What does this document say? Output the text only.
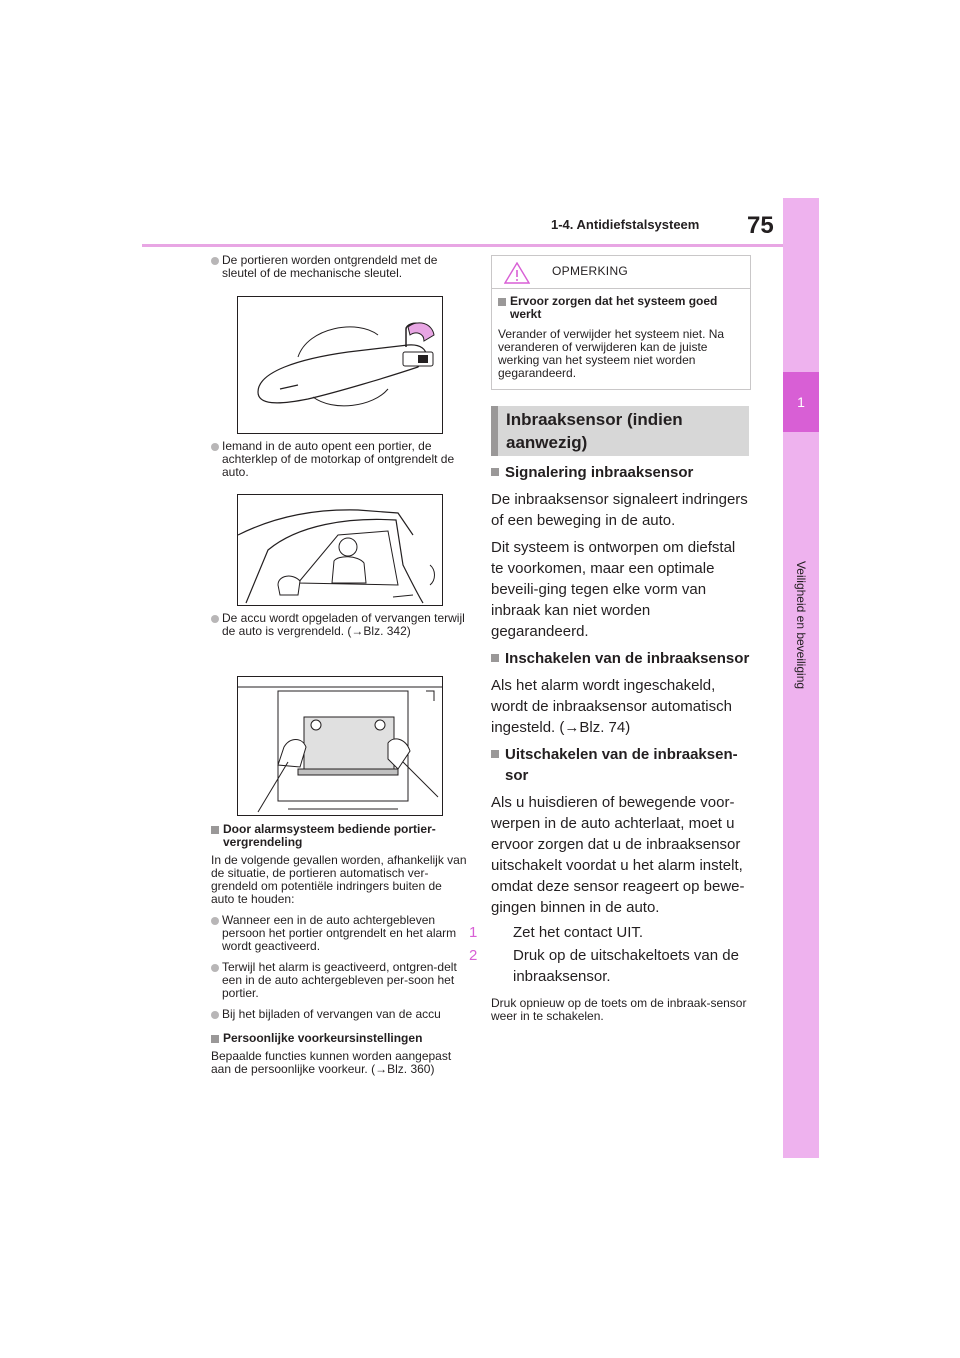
1-4. Antidiefstalsysteem 75
1
Veiligheid en beveiliging

De portieren worden ontgrendeld met de sleutel of de mechanische sleutel.

Iemand in de auto opent een portier, de achterklep of de motorkap of ontgrendelt de auto.

De accu wordt opgeladen of vervangen terwijl de auto is vergrendeld. (→Blz. 342)

Door alarmsysteem bediende portier-vergrendeling

In de volgende gevallen worden, afhankelijk van de situatie, de portieren automatisch ver-grendeld om potentiële indringers buiten de auto te houden:

Wanneer een in de auto achtergebleven persoon het portier ontgrendelt en het alarm wordt geactiveerd.

Terwijl het alarm is geactiveerd, ontgren-delt een in de auto achtergebleven per-soon het portier.

Bij het bijladen of vervangen van de accu

Persoonlijke voorkeursinstellingen

Bepaalde functies kunnen worden aangepast aan de persoonlijke voorkeur. (→Blz. 360)

OPMERKING
Ervoor zorgen dat het systeem goed werkt

Verander of verwijder het systeem niet. Na veranderen of verwijderen kan de juiste werking van het systeem niet worden gegarandeerd.

Inbraaksensor (indien aanwezig)
Signalering inbraaksensor

De inbraaksensor signaleert indringers of een beweging in de auto.

Dit systeem is ontworpen om diefstal te voorkomen, maar een optimale beveili-ging tegen elke vorm van inbraak kan niet worden gegarandeerd.

Inschakelen van de inbraaksensor

Als het alarm wordt ingeschakeld, wordt de inbraaksensor automatisch ingesteld. (→Blz. 74)

Uitschakelen van de inbraaksen-sor

Als u huisdieren of bewegende voor-werpen in de auto achterlaat, moet u ervoor zorgen dat u de inbraaksensor uitschakelt voordat u het alarm instelt, omdat deze sensor reageert op bewe-gingen binnen in de auto.

1 Zet het contact UIT.

2 Druk op de uitschakeltoets van de inbraaksensor.

Druk opnieuw op de toets om de inbraak-sensor weer in te schakelen.
